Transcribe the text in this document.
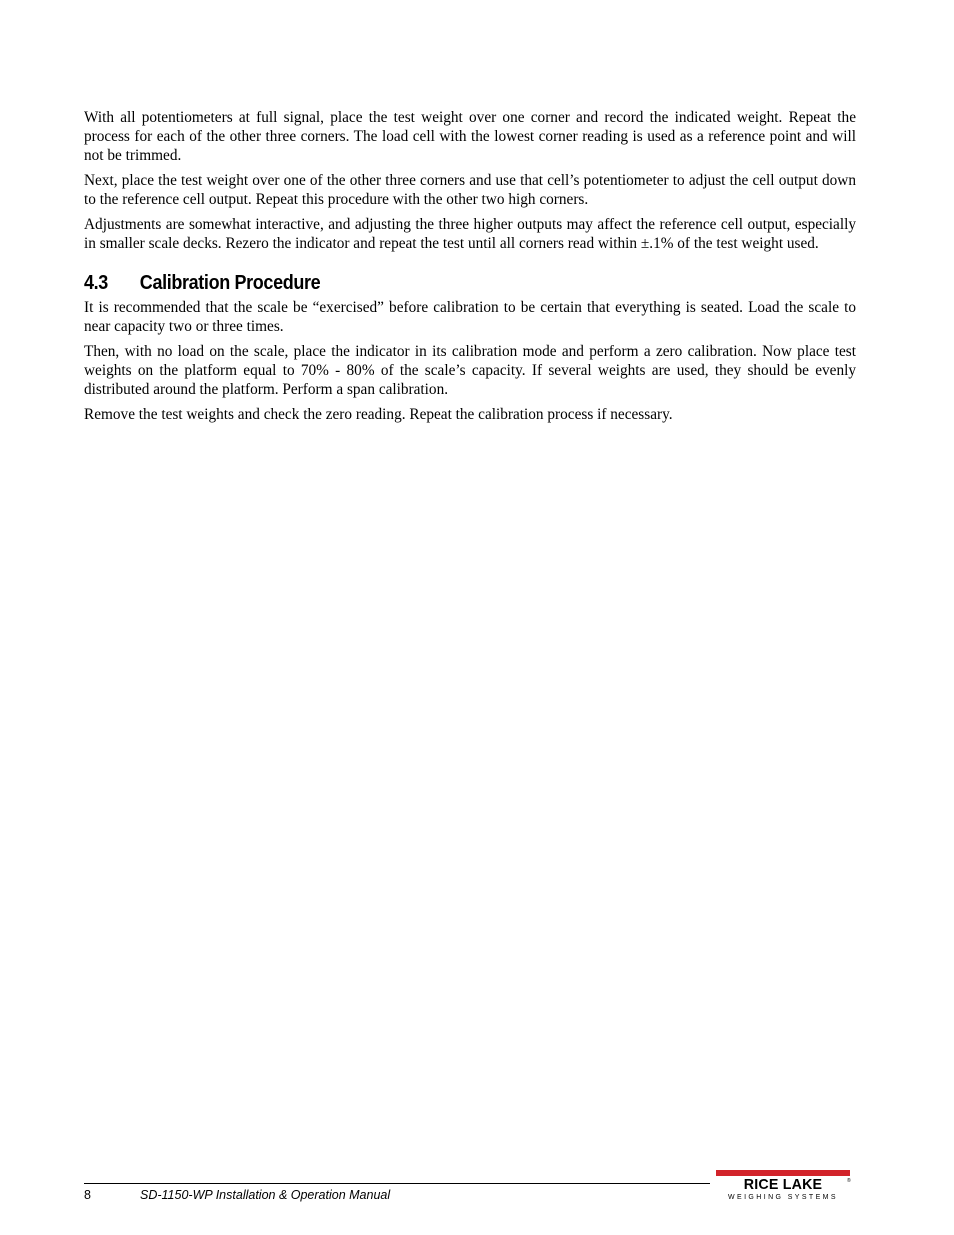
With all potentiometers at full signal, place the test weight over one corner and record the indicated weight. Repeat the process for each of the other three corners. The load cell with the lowest corner reading is used as a reference point and will not be trimmed.

Next, place the test weight over one of the other three corners and use that cell’s potentiometer to adjust the cell output down to the reference cell output. Repeat this procedure with the other two high corners.

Adjustments are somewhat interactive, and adjusting the three higher outputs may affect the reference cell output, especially in smaller scale decks. Rezero the indicator and repeat the test until all corners read within ±.1% of the test weight used.

4.3	Calibration Procedure

It is recommended that the scale be “exercised” before calibration to be certain that everything is seated. Load the scale to near capacity two or three times.

Then, with no load on the scale, place the indicator in its calibration mode and perform a zero calibration. Now place test weights on the platform equal to 70% - 80% of the scale’s capacity. If several weights are used, they should be evenly distributed around the platform. Perform a span calibration.

Remove the test weights and check the zero reading. Repeat the calibration process if necessary.

8	SD-1150-WP Installation & Operation Manual
RICE LAKE	®
WEIGHING SYSTEMS
